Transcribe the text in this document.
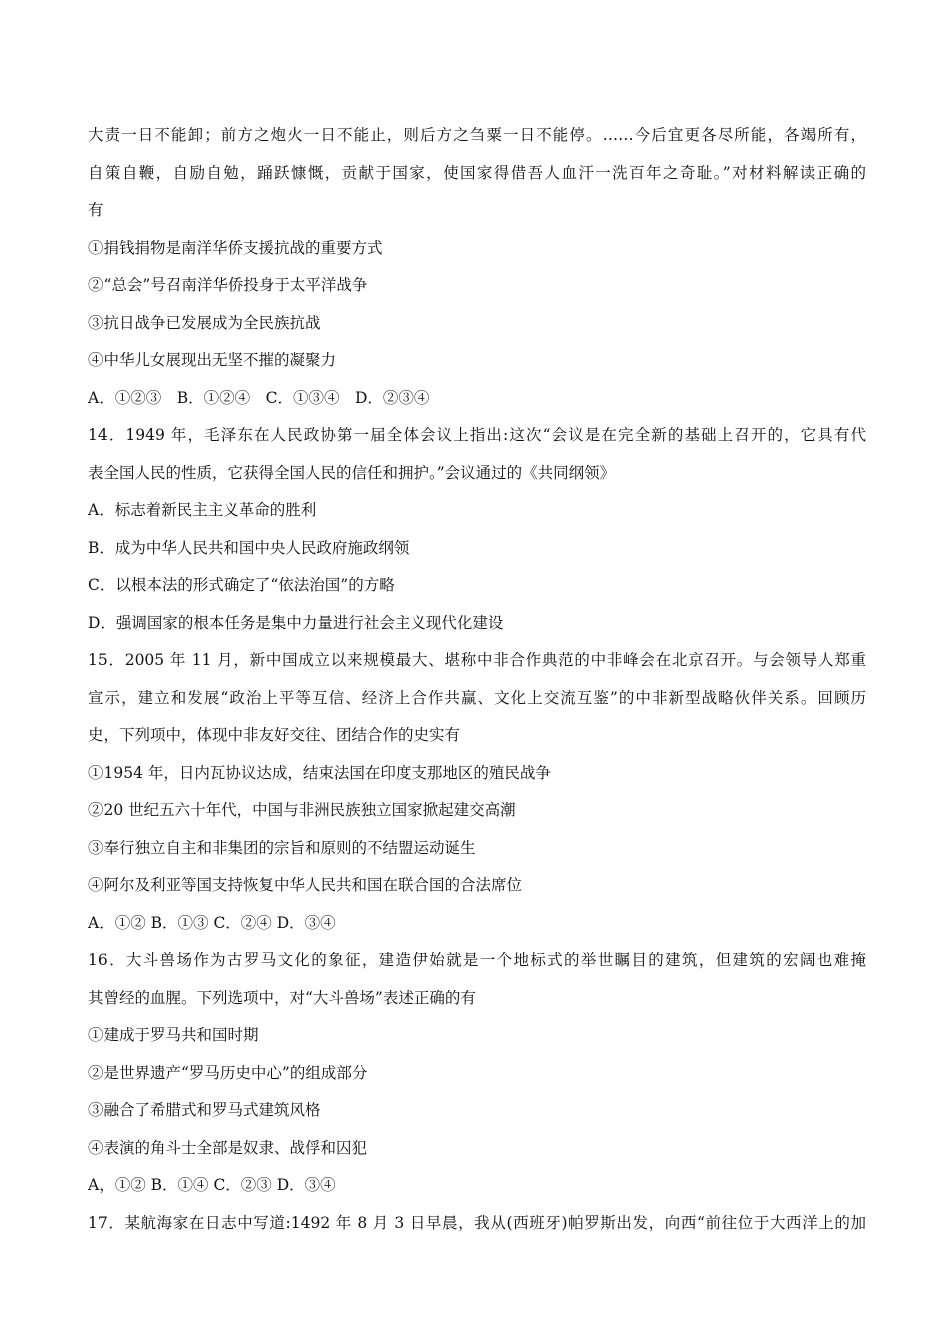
大责一日不能卸；前方之炮火一日不能止，则后方之刍粟一日不能停。……今后宜更各尽所能，各竭所有，
自策自鞭，自励自勉，踊跃慷慨，贡献于国家，使国家得借吾人血汗一洗百年之奇耻。”对材料解读正确的
有
①捐钱捐物是南洋华侨支援抗战的重要方式
②“总会”号召南洋华侨投身于太平洋战争
③抗日战争已发展成为全民族抗战
④中华儿女展现出无坚不摧的凝聚力
A．①②③　B．①②④　C．①③④　D．②③④
14．1949 年，毛泽东在人民政协第一届全体会议上指出:这次“会议是在完全新的基础上召开的，它具有代
表全国人民的性质，它获得全国人民的信任和拥护。”会议通过的《共同纲领》
A．标志着新民主主义革命的胜利
B．成为中华人民共和国中央人民政府施政纲领
C．以根本法的形式确定了“依法治国”的方略
D．强调国家的根本任务是集中力量进行社会主义现代化建设
15．2005 年 11 月，新中国成立以来规模最大、堪称中非合作典范的中非峰会在北京召开。与会领导人郑重
宣示，建立和发展“政治上平等互信、经济上合作共赢、文化上交流互鉴”的中非新型战略伙伴关系。回顾历
史，下列项中，体现中非友好交往、团结合作的史实有
①1954 年，日内瓦协议达成，结束法国在印度支那地区的殖民战争
②20 世纪五六十年代，中国与非洲民族独立国家掀起建交高潮
③奉行独立自主和非集团的宗旨和原则的不结盟运动诞生
④阿尔及利亚等国支持恢复中华人民共和国在联合国的合法席位
A．①② B．①③ C．②④ D．③④
16．大斗兽场作为古罗马文化的象征，建造伊始就是一个地标式的举世瞩目的建筑，但建筑的宏阔也难掩
其曾经的血腥。下列选项中，对“大斗兽场”表述正确的有
①建成于罗马共和国时期
②是世界遗产“罗马历史中心”的组成部分
③融合了希腊式和罗马式建筑风格
④表演的角斗士全部是奴隶、战俘和囚犯
A，①② B．①④ C．②③ D．③④
17．某航海家在日志中写道:1492 年 8 月 3 日早晨，我从(西班牙)帕罗斯出发，向西“前往位于大西洋上的加
